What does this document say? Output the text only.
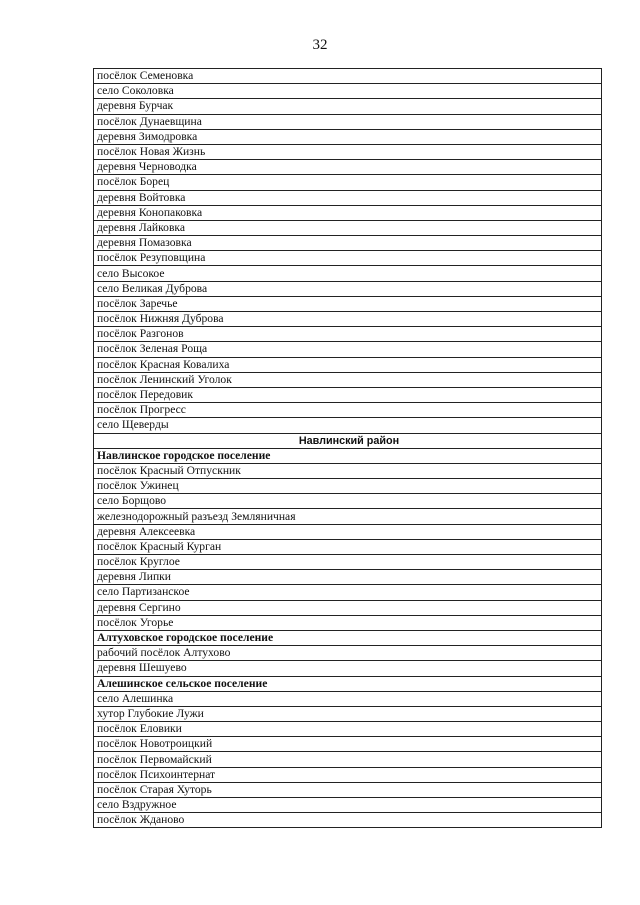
32
посёлок Семеновка
село Соколовка
деревня Бурчак
посёлок Дунаевщина
деревня Зимодровка
посёлок Новая Жизнь
деревня Черноводка
посёлок Борец
деревня Войтовка
деревня Конопаковка
деревня Лайковка
деревня Помазовка
посёлок Резуповщина
село Высокое
село Великая Дуброва
посёлок Заречье
посёлок Нижняя Дуброва
посёлок Разгонов
посёлок Зеленая Роща
посёлок Красная Ковалиха
посёлок Ленинский Уголок
посёлок Передовик
посёлок Прогресс
село Щеверды
Навлинский район
Навлинское городское поселение
посёлок Красный Отпускник
посёлок Ужинец
село Борщово
железнодорожный разъезд Земляничная
деревня Алексеевка
посёлок Красный Курган
посёлок Круглое
деревня Липки
село Партизанское
деревня Сергино
посёлок Угорье
Алтуховское городское поселение
рабочий посёлок Алтухово
деревня Шешуево
Алешинское сельское поселение
село Алешинка
хутор Глубокие Лужи
посёлок Еловики
посёлок Новотроицкий
посёлок Первомайский
посёлок Психоинтернат
посёлок Старая Хуторь
село Вздружное
посёлок Жданово
